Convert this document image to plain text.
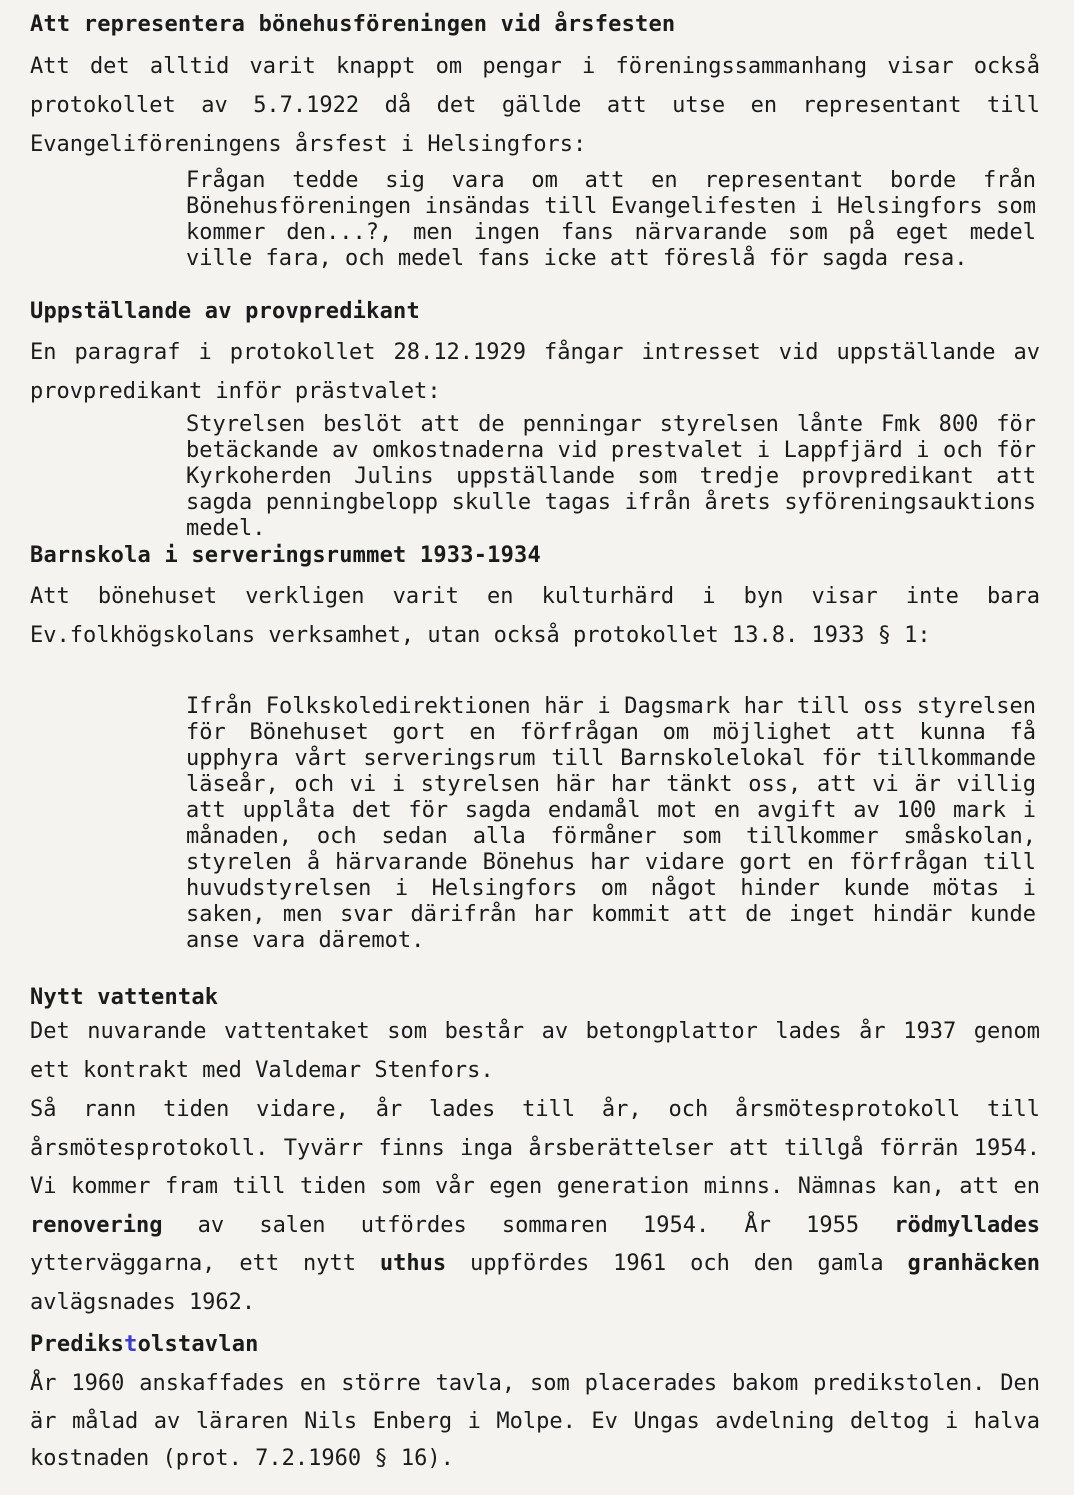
Att representera bönehusföreningen vid årsfesten

Att det alltid varit knappt om pengar i föreningssammanhang visar också protokollet av 5.7.1922 då det gällde att utse en representant till Evangeliföreningens årsfest i Helsingfors:

Frågan tedde sig vara om att en representant borde från Bönehusföreningen insändas till Evangelifesten i Helsingfors som kommer den...?, men ingen fans närvarande som på eget medel ville fara, och medel fans icke att föreslå för sagda resa.

Uppställande av provpredikant

En paragraf i protokollet 28.12.1929 fångar intresset vid uppställande av provpredikant inför prästvalet:

Styrelsen beslöt att de penningar styrelsen lånte Fmk 800 för betäckande av omkostnaderna vid prestvalet i Lappfjärd i och för Kyrkoherden Julins uppställande som tredje provpredikant att sagda penningbelopp skulle tagas ifrån årets syföreningsauktions medel.

Barnskola i serveringsrummet 1933-1934

Att bönehuset verkligen varit en kulturhärd i byn visar inte bara Ev.folkhögskolans verksamhet, utan också protokollet 13.8. 1933 § 1:

Ifrån Folkskoledirektionen här i Dagsmark har till oss styrelsen för Bönehuset gort en förfrågan om möjlighet att kunna få upphyra vårt serveringsrum till Barnskolelokal för tillkommande läseår, och vi i styrelsen här har tänkt oss, att vi är villig att upplåta det för sagda endamål mot en avgift av 100 mark i månaden, och sedan alla förmåner som tillkommer småskolan, styrelen å härvarande Bönehus har vidare gort en förfrågan till huvudstyrelsen i Helsingfors om något hinder kunde mötas i saken, men svar därifrån har kommit att de inget hindär kunde anse vara däremot.

Nytt vattentak

Det nuvarande vattentaket som består av betongplattor lades år 1937 genom ett kontrakt med Valdemar Stenfors.

Så rann tiden vidare, år lades till år, och årsmötesprotokoll till årsmötesprotokoll. Tyvärr finns inga årsberättelser att tillgå förrän 1954. Vi kommer fram till tiden som vår egen generation minns. Nämnas kan, att en renovering av salen utfördes sommaren 1954. År 1955 rödmyllades ytterväggarna, ett nytt uthus uppfördes 1961 och den gamla granhäcken avlägsnades 1962.

Predikstolstavlan

År 1960 anskaffades en större tavla, som placerades bakom predikstolen. Den är målad av läraren Nils Enberg i Molpe. Ev Ungas avdelning deltog i halva kostnaden (prot. 7.2.1960 § 16).
